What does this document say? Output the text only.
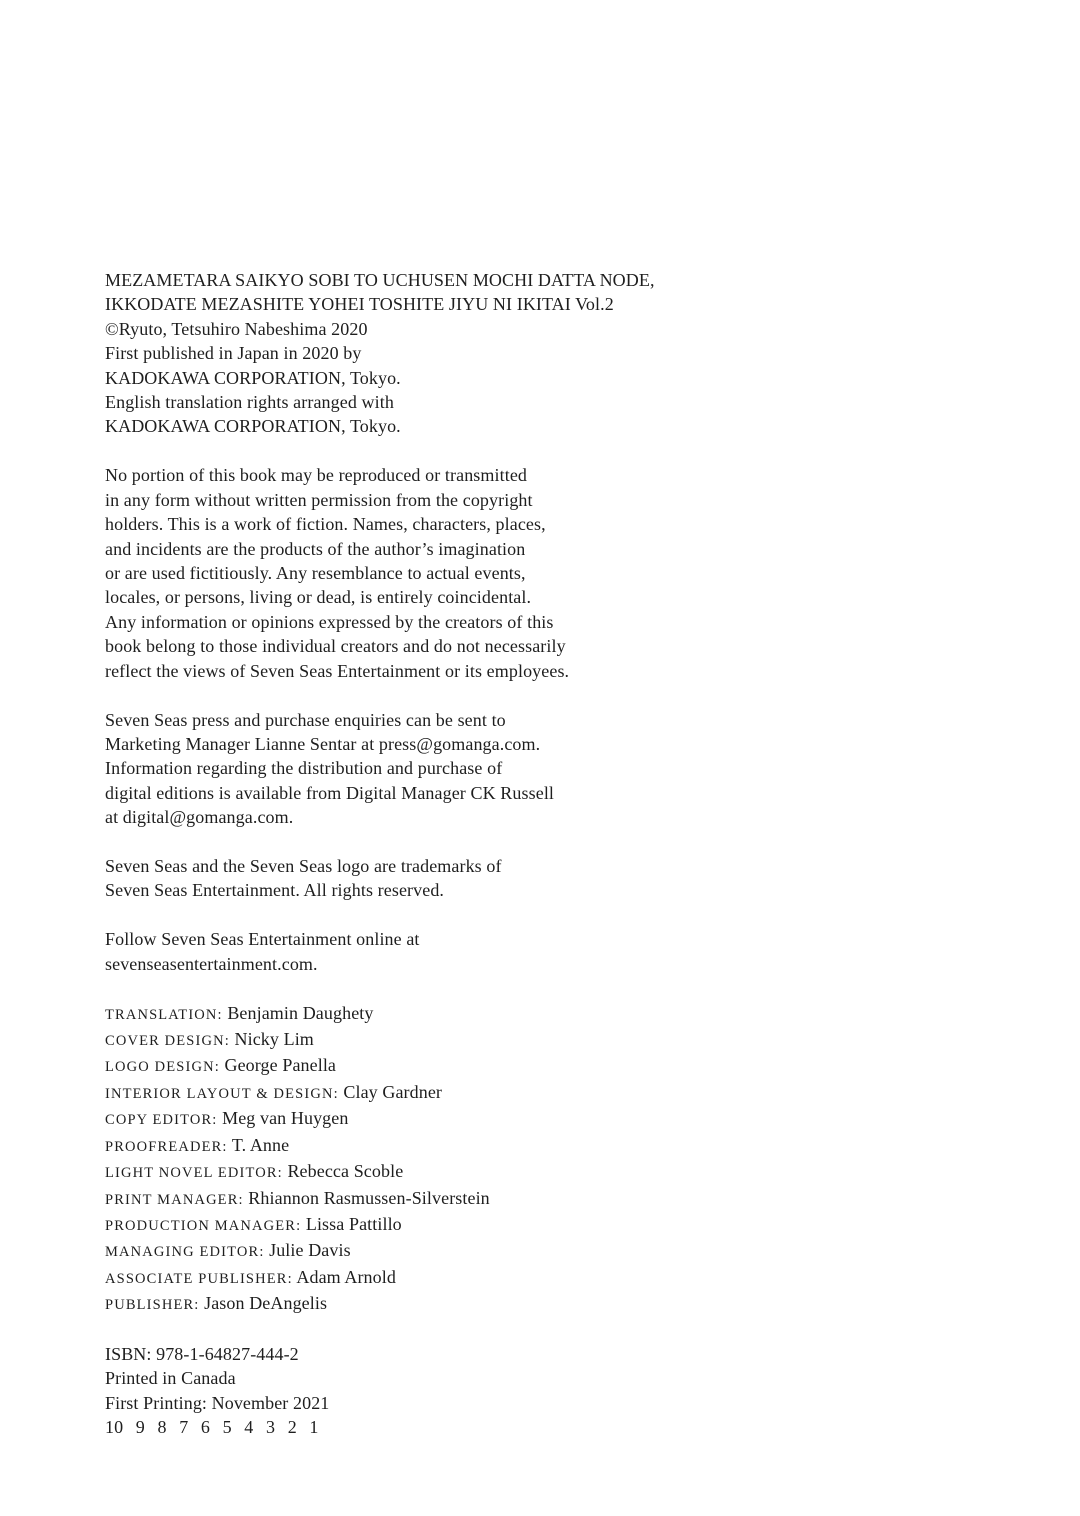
MEZAMETARA SAIKYO SOBI TO UCHUSEN MOCHI DATTA NODE,
IKKODATE MEZASHITE YOHEI TOSHITE JIYU NI IKITAI Vol.2
©Ryuto, Tetsuhiro Nabeshima 2020
First published in Japan in 2020 by
KADOKAWA CORPORATION, Tokyo.
English translation rights arranged with
KADOKAWA CORPORATION, Tokyo.
No portion of this book may be reproduced or transmitted
in any form without written permission from the copyright
holders. This is a work of fiction. Names, characters, places,
and incidents are the products of the author’s imagination
or are used fictitiously. Any resemblance to actual events,
locales, or persons, living or dead, is entirely coincidental.
Any information or opinions expressed by the creators of this
book belong to those individual creators and do not necessarily
reflect the views of Seven Seas Entertainment or its employees.
Seven Seas press and purchase enquiries can be sent to
Marketing Manager Lianne Sentar at press@gomanga.com.
Information regarding the distribution and purchase of
digital editions is available from Digital Manager CK Russell
at digital@gomanga.com.
Seven Seas and the Seven Seas logo are trademarks of
Seven Seas Entertainment. All rights reserved.
Follow Seven Seas Entertainment online at
sevenseasentertainment.com.
TRANSLATION: Benjamin Daughety
COVER DESIGN: Nicky Lim
LOGO DESIGN: George Panella
INTERIOR LAYOUT & DESIGN: Clay Gardner
COPY EDITOR: Meg van Huygen
PROOFREADER: T. Anne
LIGHT NOVEL EDITOR: Rebecca Scoble
PRINT MANAGER: Rhiannon Rasmussen-Silverstein
PRODUCTION MANAGER: Lissa Pattillo
MANAGING EDITOR: Julie Davis
ASSOCIATE PUBLISHER: Adam Arnold
PUBLISHER: Jason DeAngelis
ISBN: 978-1-64827-444-2
Printed in Canada
First Printing: November 2021
10 9 8 7 6 5 4 3 2 1
